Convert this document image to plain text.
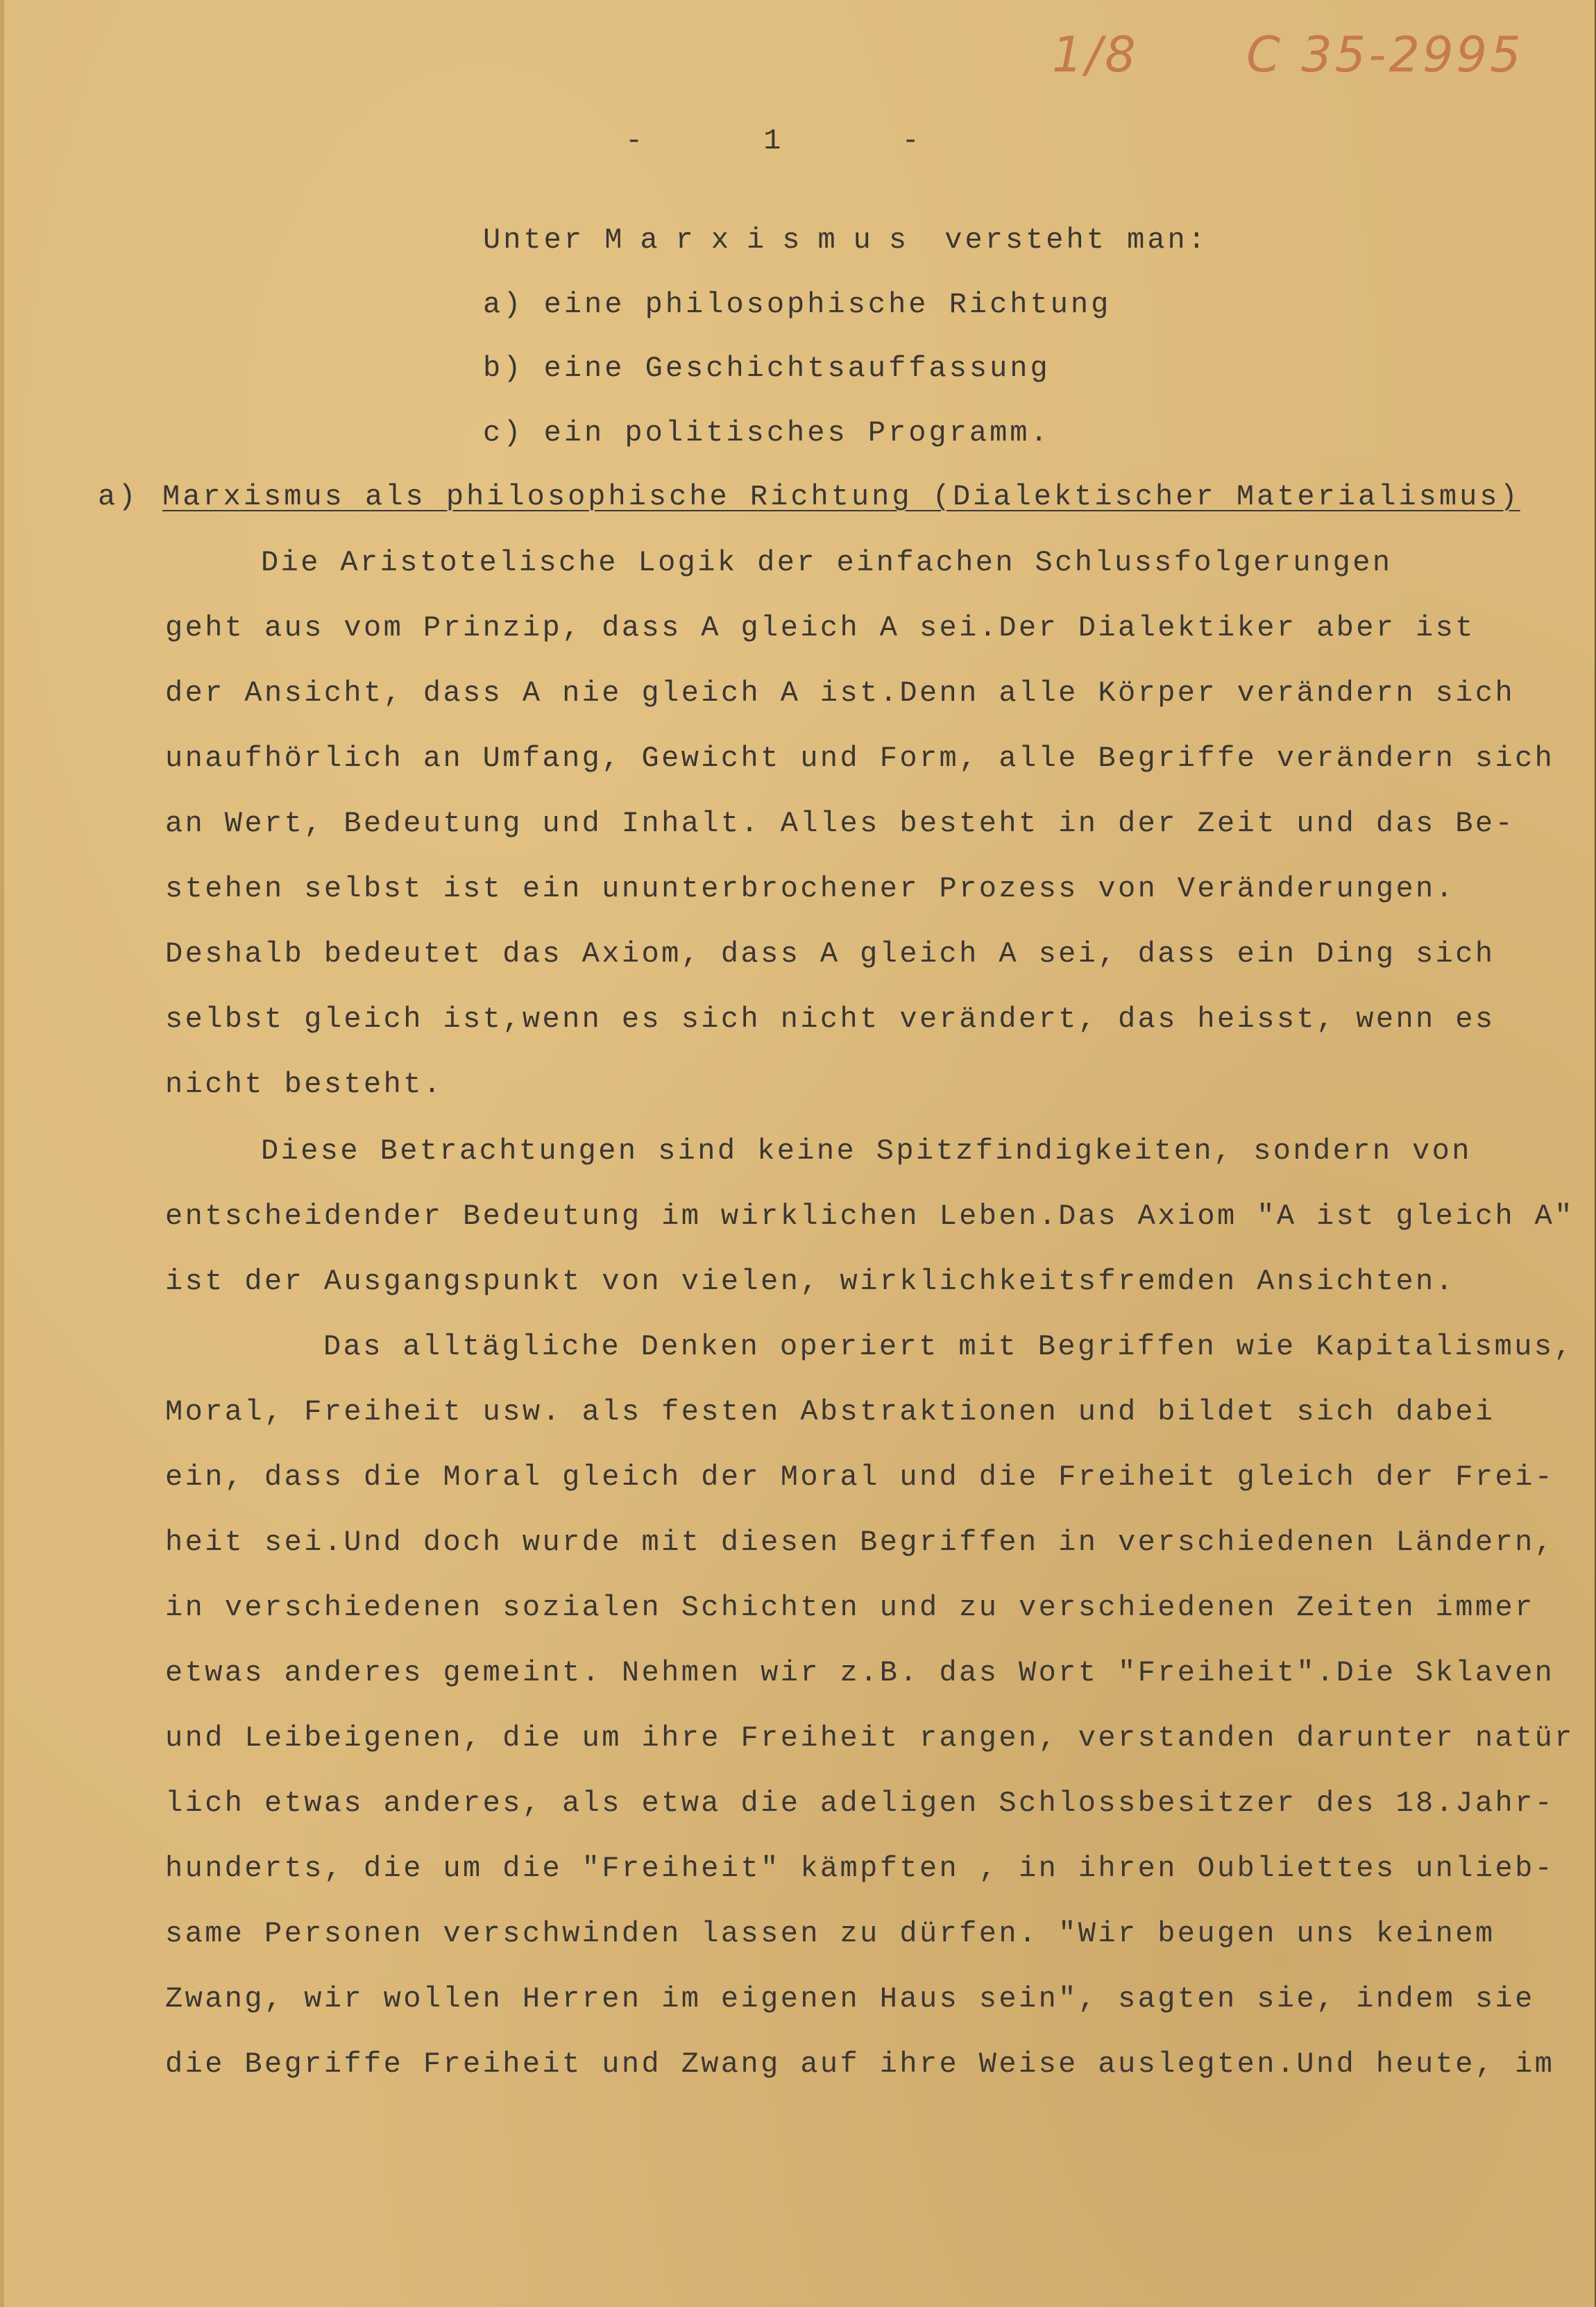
1/8 C 35-2995
-     1     -
Unter Marxismus versteht man:
a) eine philosophische Richtung
b) eine Geschichtsauffassung
c) ein politisches Programm.
a) Marxismus als philosophische Richtung (Dialektischer Materialismus)
Die Aristotelische Logik der einfachen Schlussfolgerungen
geht aus vom Prinzip, dass A gleich A sei.Der Dialektiker aber ist
der Ansicht, dass A nie gleich A ist.Denn alle Körper verändern sich
unaufhörlich an Umfang, Gewicht und Form, alle Begriffe verändern sich
an Wert, Bedeutung und Inhalt. Alles besteht in der Zeit und das Be-
stehen selbst ist ein ununterbrochener Prozess von Veränderungen.
Deshalb bedeutet das Axiom, dass A gleich A sei, dass ein Ding sich
selbst gleich ist,wenn es sich nicht verändert, das heisst, wenn es
nicht besteht.
Diese Betrachtungen sind keine Spitzfindigkeiten, sondern von
entscheidender Bedeutung im wirklichen Leben.Das Axiom "A ist gleich A"
ist der Ausgangspunkt von vielen, wirklichkeitsfremden Ansichten.
Das alltägliche Denken operiert mit Begriffen wie Kapitalismus,
Moral, Freiheit usw. als festen Abstraktionen und bildet sich dabei
ein, dass die Moral gleich der Moral und die Freiheit gleich der Frei-
heit sei.Und doch wurde mit diesen Begriffen in verschiedenen Ländern,
in verschiedenen sozialen Schichten und zu verschiedenen Zeiten immer
etwas anderes gemeint. Nehmen wir z.B. das Wort "Freiheit".Die Sklaven
und Leibeigenen, die um ihre Freiheit rangen, verstanden darunter natür
lich etwas anderes, als etwa die adeligen Schlossbesitzer des 18.Jahr-
hunderts, die um die "Freiheit" kämpften , in ihren Oubliettes unlieb-
same Personen verschwinden lassen zu dürfen. "Wir beugen uns keinem
Zwang, wir wollen Herren im eigenen Haus sein", sagten sie, indem sie
die Begriffe Freiheit und Zwang auf ihre Weise auslegten.Und heute, im
